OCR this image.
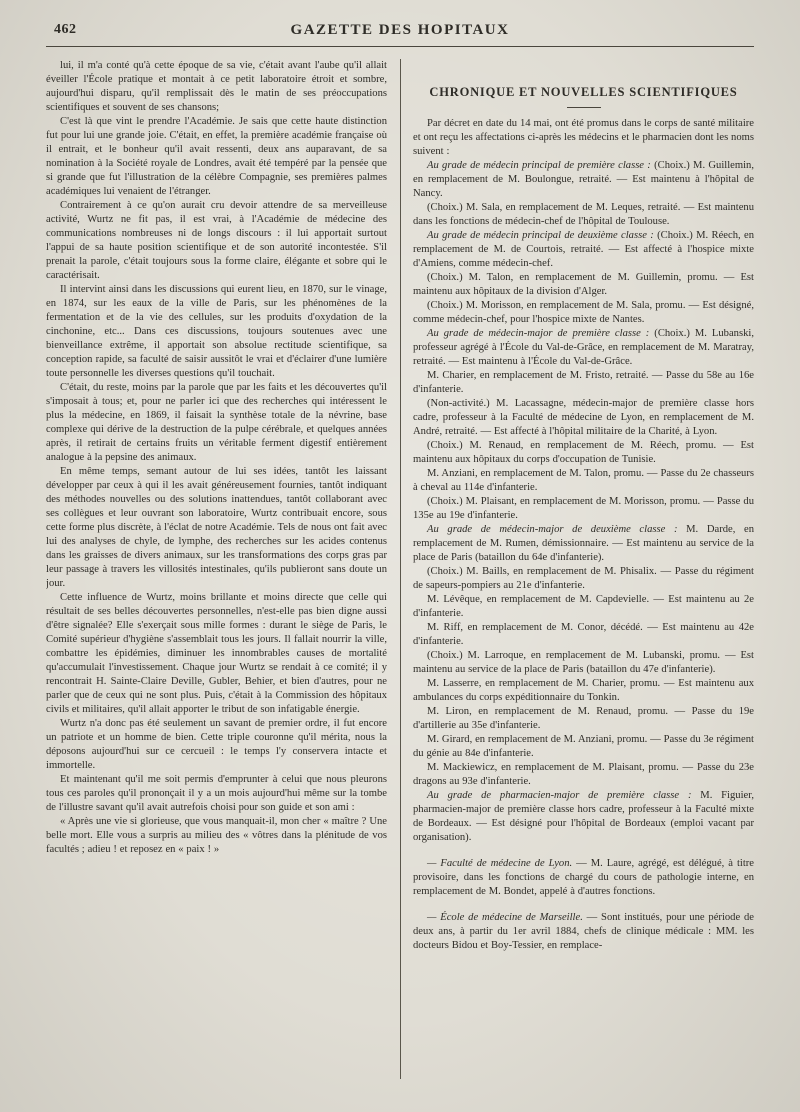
462	GAZETTE DES HOPITAUX

lui, il m'a conté qu'à cette époque de sa vie, c'était avant l'aube qu'il allait éveiller l'École pratique et montait à ce petit laboratoire étroit et sombre, aujourd'hui disparu, qu'il remplissait dès le matin de ses préoccupations scientifiques et souvent de ses chansons;

C'est là que vint le prendre l'Académie. Je sais que cette haute distinction fut pour lui une grande joie. C'était, en effet, la première académie française où il entrait, et le bonheur qu'il avait ressenti, deux ans auparavant, de sa nomination à la Société royale de Londres, avait été tempéré par la pensée que si grande que fut l'illustration de la célèbre Compagnie, ses premières palmes académiques lui venaient de l'étranger.

Contrairement à ce qu'on aurait cru devoir attendre de sa merveilleuse activité, Wurtz ne fit pas, il est vrai, à l'Académie de médecine des communications nombreuses ni de longs discours : il lui apportait surtout l'appui de sa haute position scientifique et de son autorité incontestée. S'il prenait la parole, c'était toujours sous la forme claire, élégante et sobre qui le caractérisait.

Il intervint ainsi dans les discussions qui eurent lieu, en 1870, sur le vinage, en 1874, sur les eaux de la ville de Paris, sur les phénomènes de la fermentation et de la vie des cellules, sur les produits d'oxydation de la cinchonine, etc... Dans ces discussions, toujours soutenues avec une bienveillance extrême, il apportait son absolue rectitude scientifique, sa conception rapide, sa faculté de saisir aussitôt le vrai et d'éclairer d'une lumière toute personnelle les diverses questions qu'il touchait.

C'était, du reste, moins par la parole que par les faits et les découvertes qu'il s'imposait à tous; et, pour ne parler ici que des recherches qui intéressent le plus la médecine, en 1869, il faisait la synthèse totale de la névrine, base complexe qui dérive de la destruction de la pulpe cérébrale, et quelques années après, il retirait de certains fruits un véritable ferment digestif entièrement analogue à la pepsine des animaux.

En même temps, semant autour de lui ses idées, tantôt les laissant développer par ceux à qui il les avait généreusement fournies, tantôt indiquant des méthodes nouvelles ou des solutions inattendues, tantôt collaborant avec ses collègues et leur ouvrant son laboratoire, Wurtz contribuait encore, sous cette forme plus discrète, à l'éclat de notre Académie. Tels de nous ont fait avec lui des analyses de chyle, de lymphe, des recherches sur les acides contenus dans les graisses de divers animaux, sur les transformations des corps gras par leur passage à travers les villosités intestinales, qu'ils publieront sans doute un jour.

Cette influence de Wurtz, moins brillante et moins directe que celle qui résultait de ses belles découvertes personnelles, n'est-elle pas bien digne aussi d'être signalée? Elle s'exerçait sous mille formes : durant le siège de Paris, le Comité supérieur d'hygiène s'assemblait tous les jours. Il fallait nourrir la ville, combattre les épidémies, diminuer les innombrables causes de mortalité qu'accumulait l'investissement. Chaque jour Wurtz se rendait à ce comité; il y rencontrait H. Sainte-Claire Deville, Gubler, Behier, et bien d'autres, pour ne parler que de ceux qui ne sont plus. Puis, c'était à la Commission des hôpitaux civils et militaires, qu'il allait apporter le tribut de son infatigable énergie.

Wurtz n'a donc pas été seulement un savant de premier ordre, il fut encore un patriote et un homme de bien. Cette triple couronne qu'il mérita, nous la déposons aujourd'hui sur ce cercueil : le temps l'y conservera intacte et immortelle.

Et maintenant qu'il me soit permis d'emprunter à celui que nous pleurons tous ces paroles qu'il prononçait il y a un mois aujourd'hui même sur la tombe de l'illustre savant qu'il avait autrefois choisi pour son guide et son ami :

« Après une vie si glorieuse, que vous manquait-il, mon cher « maître ? Une belle mort. Elle vous a surpris au milieu des « vôtres dans la plénitude de vos facultés ; adieu ! et reposez en « paix ! »

CHRONIQUE ET NOUVELLES SCIENTIFIQUES

Par décret en date du 14 mai, ont été promus dans le corps de santé militaire et ont reçu les affectations ci-après les médecins et le pharmacien dont les noms suivent :

Au grade de médecin principal de première classe : (Choix.) M. Guillemin, en remplacement de M. Boulongue, retraité. — Est maintenu à l'hôpital de Nancy.

(Choix.) M. Sala, en remplacement de M. Leques, retraité. — Est maintenu dans les fonctions de médecin-chef de l'hôpital de Toulouse.

Au grade de médecin principal de deuxième classe : (Choix.) M. Réech, en remplacement de M. de Courtois, retraité. — Est affecté à l'hospice mixte d'Amiens, comme médecin-chef.

(Choix.) M. Talon, en remplacement de M. Guillemin, promu. — Est maintenu aux hôpitaux de la division d'Alger.

(Choix.) M. Morisson, en remplacement de M. Sala, promu. — Est désigné, comme médecin-chef, pour l'hospice mixte de Nantes.

Au grade de médecin-major de première classe : (Choix.) M. Lubanski, professeur agrégé à l'École du Val-de-Grâce, en remplacement de M. Maratray, retraité. — Est maintenu à l'École du Val-de-Grâce.

M. Charier, en remplacement de M. Fristo, retraité. — Passe du 58e au 16e d'infanterie.

(Non-activité.) M. Lacassagne, médecin-major de première classe hors cadre, professeur à la Faculté de médecine de Lyon, en remplacement de M. André, retraité. — Est affecté à l'hôpital militaire de la Charité, à Lyon.

(Choix.) M. Renaud, en remplacement de M. Réech, promu. — Est maintenu aux hôpitaux du corps d'occupation de Tunisie.

M. Anziani, en remplacement de M. Talon, promu. — Passe du 2e chasseurs à cheval au 114e d'infanterie.

(Choix.) M. Plaisant, en remplacement de M. Morisson, promu. — Passe du 135e au 19e d'infanterie.

Au grade de médecin-major de deuxième classe : M. Darde, en remplacement de M. Rumen, démissionnaire. — Est maintenu au service de la place de Paris (bataillon du 64e d'infanterie).

(Choix.) M. Baills, en remplacement de M. Phisalix. — Passe du régiment de sapeurs-pompiers au 21e d'infanterie.

M. Lévêque, en remplacement de M. Capdevielle. — Est maintenu au 2e d'infanterie.

M. Riff, en remplacement de M. Conor, décédé. — Est maintenu au 42e d'infanterie.

(Choix.) M. Larroque, en remplacement de M. Lubanski, promu. — Est maintenu au service de la place de Paris (bataillon du 47e d'infanterie).

M. Lasserre, en remplacement de M. Charier, promu. — Est maintenu aux ambulances du corps expéditionnaire du Tonkin.

M. Liron, en remplacement de M. Renaud, promu. — Passe du 19e d'artillerie au 35e d'infanterie.

M. Girard, en remplacement de M. Anziani, promu. — Passe du 3e régiment du génie au 84e d'infanterie.

M. Mackiewicz, en remplacement de M. Plaisant, promu. — Passe du 23e dragons au 93e d'infanterie.

Au grade de pharmacien-major de première classe : M. Figuier, pharmacien-major de première classe hors cadre, professeur à la Faculté mixte de Bordeaux. — Est désigné pour l'hôpital de Bordeaux (emploi vacant par organisation).

— Faculté de médecine de Lyon. — M. Laure, agrégé, est délégué, à titre provisoire, dans les fonctions de chargé du cours de pathologie interne, en remplacement de M. Bondet, appelé à d'autres fonctions.

— École de médecine de Marseille. — Sont institués, pour une période de deux ans, à partir du 1er avril 1884, chefs de clinique médicale : MM. les docteurs Bidou et Boy-Tessier, en remplace-
